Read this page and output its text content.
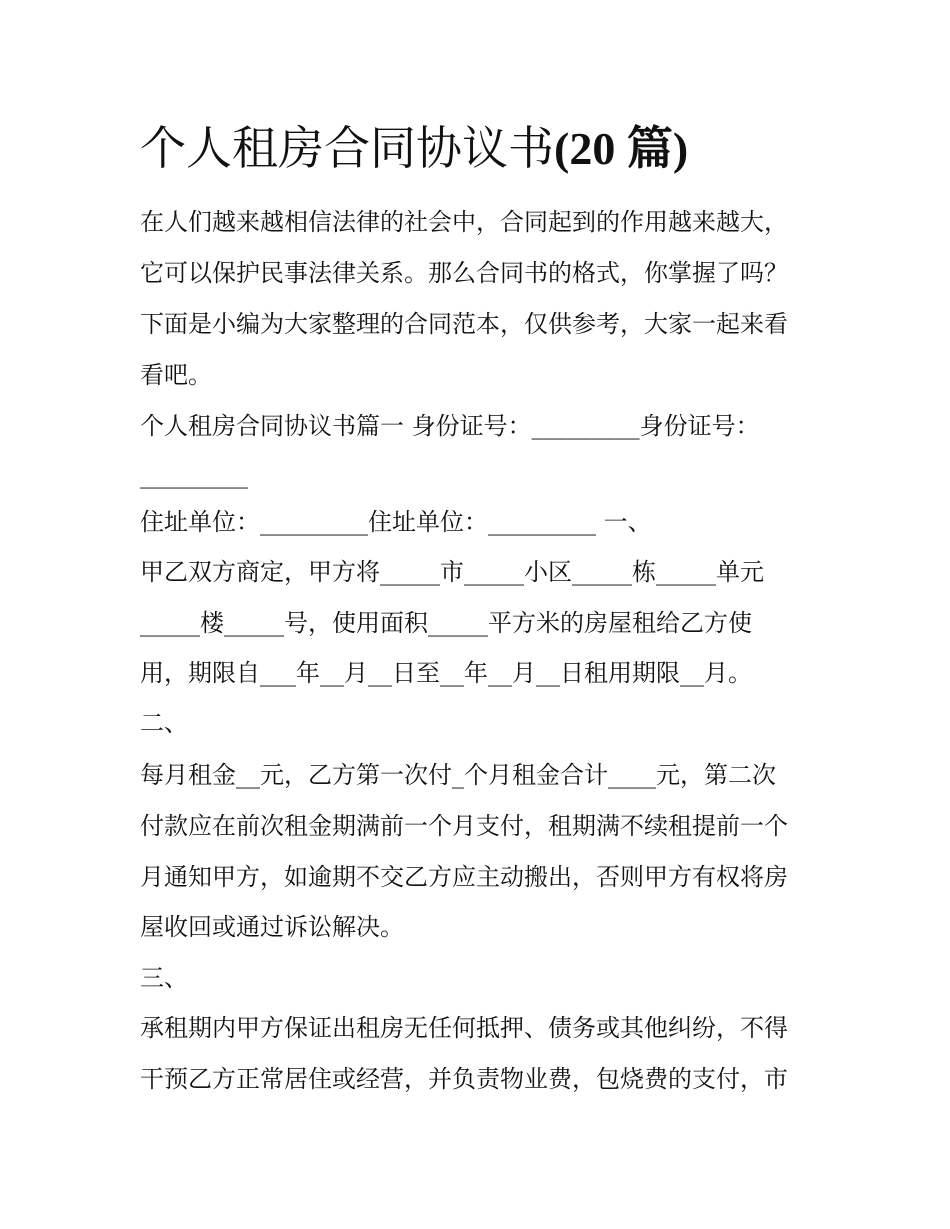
个人租房合同协议书(20 篇)
在人们越来越相信法律的社会中，合同起到的作用越来越大，
它可以保护民事法律关系。那么合同书的格式，你掌握了吗？
下面是小编为大家整理的合同范本，仅供参考，大家一起来看
看吧。
个人租房合同协议书篇一 身份证号：_________身份证号：
_________
住址单位：_________住址单位：_________ 一、
甲乙双方商定，甲方将_____市_____小区_____栋_____单元
_____楼_____号，使用面积_____平方米的房屋租给乙方使
用，期限自___年__月__日至__年__月__日租用期限__月。
二、
每月租金__元，乙方第一次付_个月租金合计____元，第二次
付款应在前次租金期满前一个月支付，租期满不续租提前一个
月通知甲方，如逾期不交乙方应主动搬出，否则甲方有权将房
屋收回或通过诉讼解决。
三、
承租期内甲方保证出租房无任何抵押、债务或其他纠纷，不得
干预乙方正常居住或经营，并负责物业费，包烧费的支付，市
